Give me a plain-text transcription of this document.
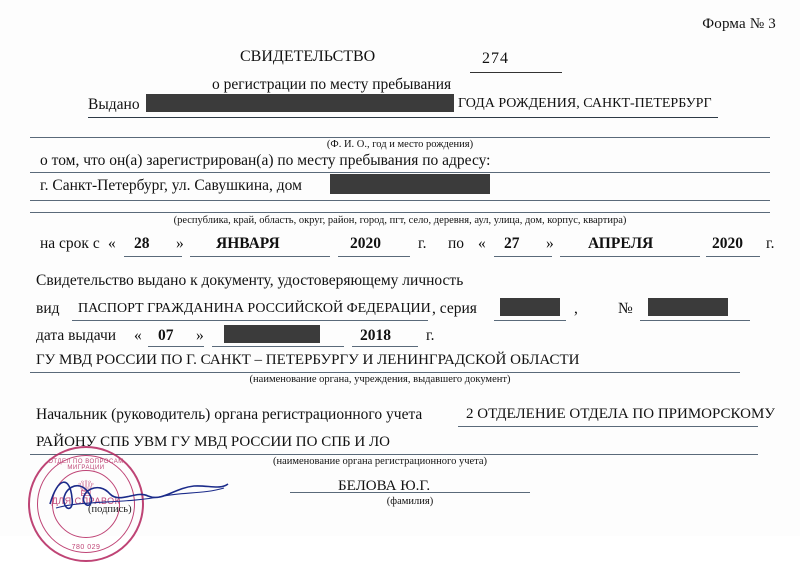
Форма № 3
СВИДЕТЕЛЬСТВО	274
о регистрации по месту пребывания
Выдано	ГОДА РОЖДЕНИЯ, САНКТ-ПЕТЕРБУРГ
(Ф. И. О., год и место рождения)
о том, что он(а) зарегистрирован(а) по месту пребывания по адресу:
г. Санкт-Петербург, ул. Савушкина, дом
(республика, край, область, округ, район, город, пгт, село, деревня, аул, улица, дом, корпус, квартира)
на срок с « 28 » ЯНВАРЯ	2020 г. по « 27 » АПРЕЛЯ	2020 г.
Свидетельство выдано к документу, удостоверяющему личность
вид ПАСПОРТ ГРАЖДАНИНА РОССИЙСКОЙ ФЕДЕРАЦИИ , серия	,	№
дата выдачи « 07 »	2018 г.
ГУ МВД РОССИИ ПО Г. САНКТ – ПЕТЕРБУРГУ И ЛЕНИНГРАДСКОЙ ОБЛАСТИ
(наименование органа, учреждения, выдавшего документ)
Начальник (руководитель) органа регистрационного учета	2 ОТДЕЛЕНИЕ ОТДЕЛА ПО ПРИМОРСКОМУ
РАЙОНУ СПБ УВМ ГУ МВД РОССИИ ПО СПБ И ЛО
(наименование органа регистрационного учета)
ОТДЕЛ ПО ВОПРОСАМ МИГРАЦИИ
♕
ДЛЯ СПРАВОК
780 029
(подпись)
БЕЛОВА Ю.Г.
(фамилия)
